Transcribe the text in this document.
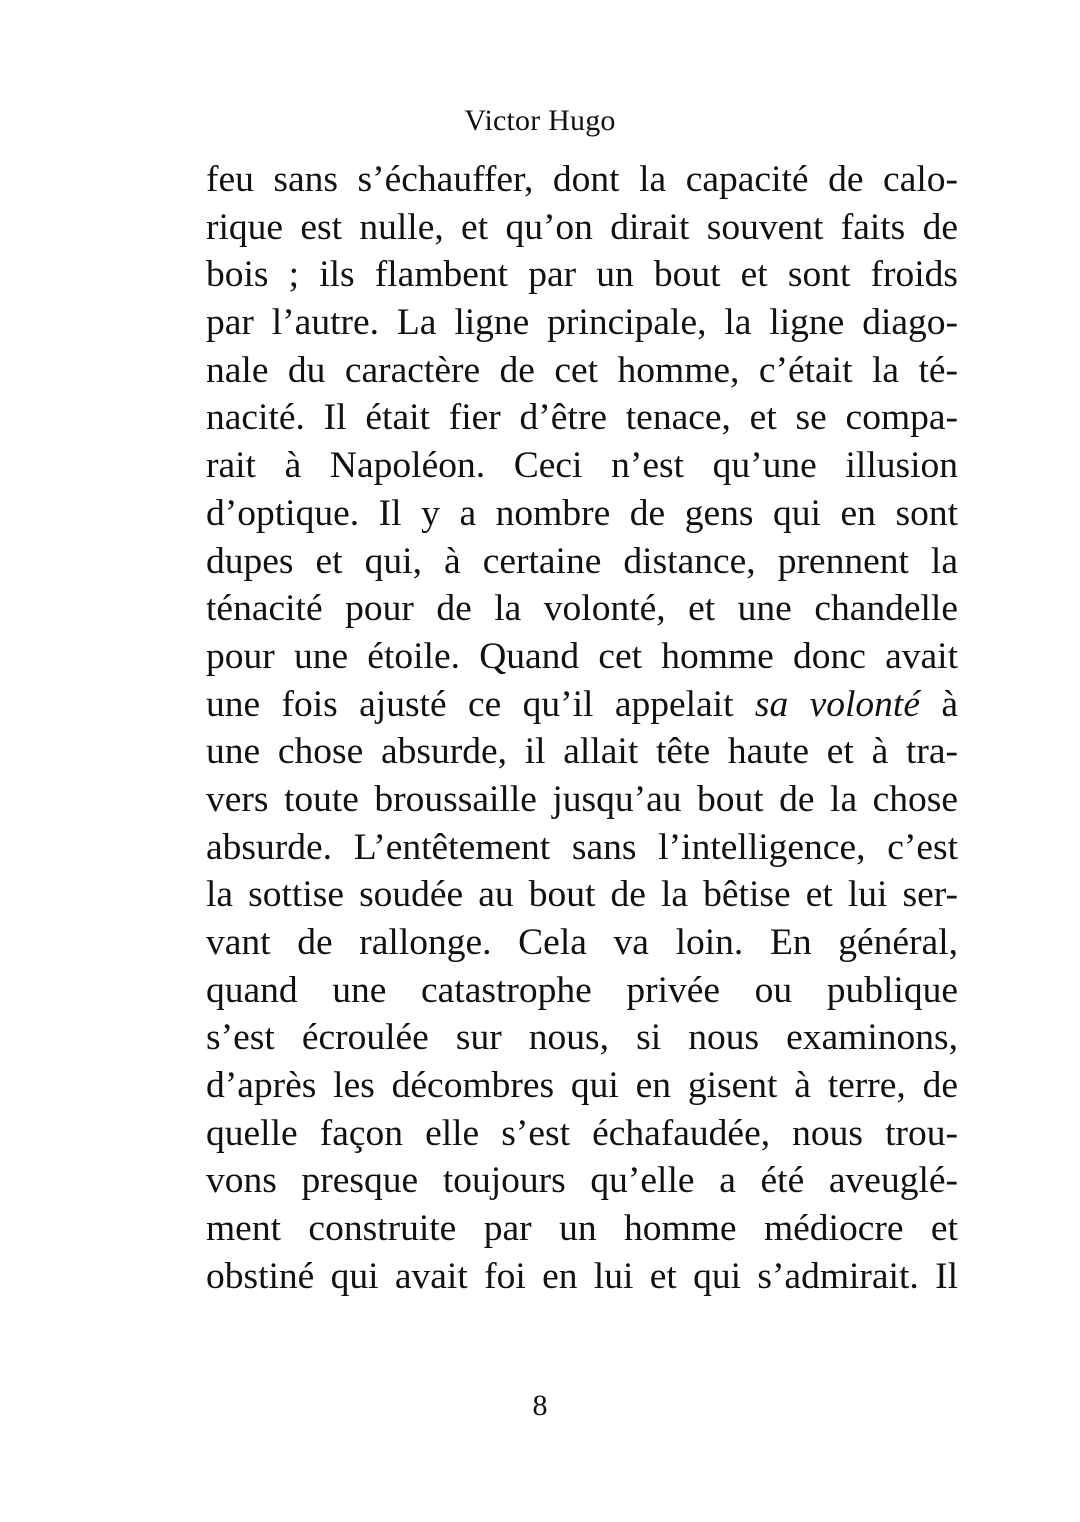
Victor Hugo
feu sans s’échauffer, dont la capacité de calo-
rique est nulle, et qu’on dirait souvent faits de
bois ; ils flambent par un bout et sont froids
par l’autre. La ligne principale, la ligne diago-
nale du caractère de cet homme, c’était la té-
nacité. Il était fier d’être tenace, et se compa-
rait à Napoléon. Ceci n’est qu’une illusion
d’optique. Il y a nombre de gens qui en sont
dupes et qui, à certaine distance, prennent la
ténacité pour de la volonté, et une chandelle
pour une étoile. Quand cet homme donc avait
une fois ajusté ce qu’il appelait sa volonté à
une chose absurde, il allait tête haute et à tra-
vers toute broussaille jusqu’au bout de la chose
absurde. L’entêtement sans l’intelligence, c’est
la sottise soudée au bout de la bêtise et lui ser-
vant de rallonge. Cela va loin. En général,
quand une catastrophe privée ou publique
s’est écroulée sur nous, si nous examinons,
d’après les décombres qui en gisent à terre, de
quelle façon elle s’est échafaudée, nous trou-
vons presque toujours qu’elle a été aveuglé-
ment construite par un homme médiocre et
obstiné qui avait foi en lui et qui s’admirait. Il
8
